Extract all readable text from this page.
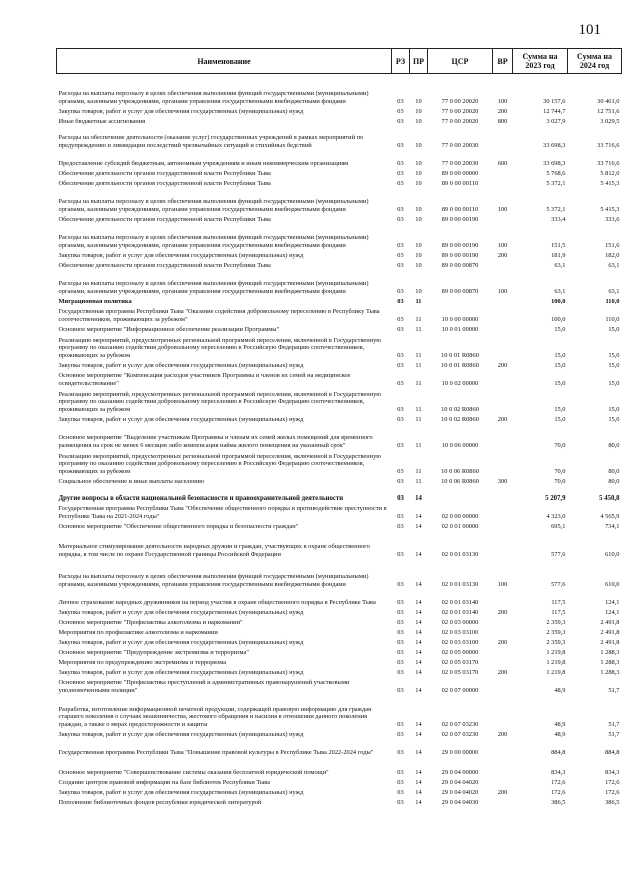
101
Наименование	РЗ	ПР	ЦСР	ВР	Сумма на 2023 год	Сумма на 2024 год
Расходы на выплаты персоналу в целях обеспечения выполнения функций государственными (муниципальными) органами, казенными учреждениями, органами управления государственными внебюджетными фондами	03	10	77 0 00 20020	100	30 157,6	30 461,0
Закупка товаров, работ и услуг для обеспечения государственных (муниципальных) нужд	03	10	77 0 00 20020	200	12 744,7	12 751,6
Иные бюджетные ассигнования	03	10	77 0 00 20020	800	3 027,9	3 029,5
Расходы на обеспечение деятельности (оказание услуг) государственных учреждений в рамках мероприятий по предупреждению и ликвидации последствий чрезвычайных ситуаций и стихийных бедствий	03	10	77 0 00 20030		33 698,3	33 716,6
Предоставление субсидий бюджетным, автономным учреждениям и иным некоммерческим организациям	03	10	77 0 00 20030	600	33 698,3	33 716,6
Обеспечение деятельности органов государственной власти Республики Тыва	03	10	89 0 00 00000		5 768,6	5 812,0
Обеспечение деятельности органов государственной власти Республики Тыва	03	10	89 0 00 00110		5 372,1	5 415,3
Расходы на выплаты персоналу в целях обеспечения выполнения функций государственными (муниципальными) органами, казенными учреждениями, органами управления государственными внебюджетными фондами	03	10	89 0 00 00110	100	5 372,1	5 415,3
Обеспечение деятельности органов государственной власти Республики Тыва	03	10	89 0 00 00190		333,4	333,6
Расходы на выплаты персоналу в целях обеспечения выполнения функций государственными (муниципальными) органами, казенными учреждениями, органами управления государственными внебюджетными фондами	03	10	89 0 00 00190	100	151,5	151,6
Закупка товаров, работ и услуг для обеспечения государственных (муниципальных) нужд	03	10	89 0 00 00190	200	181,9	182,0
Обеспечение деятельности органов государственной власти Республики Тыва	03	10	89 0 00 00870		63,1	63,1
Расходы на выплаты персоналу в целях обеспечения выполнения функций государственными (муниципальными) органами, казенными учреждениями, органами управления государственными внебюджетными фондами	03	10	89 0 00 00870	100	63,1	63,1
Миграционная политика	03	11			100,0	110,0
Государственная программа Республики Тыва "Оказание содействия добровольному переселению в Республику Тыва соотечественников, проживающих за рубежом"	03	11	10 0 00 00000		100,0	110,0
Основное мероприятие "Информационное обеспечение реализации Программы"	03	11	10 0 01 00000		15,0	15,0
Реализацию мероприятий, предусмотренных региональной программой переселения, включенной в Государственную программу по оказанию содействия добровольному переселению в Российскую Федерацию соотечественников, проживающих за рубежом	03	11	10 0 01 R0860		15,0	15,0
Закупка товаров, работ и услуг для обеспечения государственных (муниципальных) нужд	03	11	10 0 01 R0860	200	15,0	15,0
Основное мероприятие "Компенсация расходов участников Программы и членов их семей на медицинское освидетельствование"	03	11	10 0 02 00000		15,0	15,0
Реализацию мероприятий, предусмотренных региональной программой переселения, включенной в Государственную программу по оказанию содействия добровольному переселению в Российскую Федерацию соотечественников, проживающих за рубежом	03	11	10 0 02 R0860		15,0	15,0
Закупка товаров, работ и услуг для обеспечения государственных (муниципальных) нужд	03	11	10 0 02 R0860	200	15,0	15,0
Основное мероприятие "Выделение участникам Программы и членам их семей жилых помещений для временного размещения на срок не менее 6 месяцев либо компенсация найма жилого помещения на указанный срок"	03	11	10 0 06 00000		70,0	80,0
Реализацию мероприятий, предусмотренных региональной программой переселения, включенной в Государственную программу по оказанию содействия добровольному переселению в Российскую Федерацию соотечественников, проживающих за рубежом	03	11	10 0 06 R0860		70,0	80,0
Социальное обеспечение и иные выплаты населению	03	11	10 0 06 R0860	300	70,0	80,0
Другие вопросы в области национальной безопасности и правоохранительной деятельности	03	14			5 207,9	5 450,8
Государственная программа Республики Тыва "Обеспечение общественного порядка и противодействие преступности в Республике Тыва на 2021-2024 годы"	03	14	02 0 00 00000		4 323,0	4 565,9
Основное мероприятие "Обеспечение общественного порядка и безопасности граждан"	03	14	02 0 01 00000		695,1	734,1
Материальное стимулирование деятельности народных дружин и граждан, участвующих в охране общественного порядка, в том числе по охране Государственной границы Российской Федерации	03	14	02 0 01 03130		577,6	610,0
Расходы на выплаты персоналу в целях обеспечения выполнения функций государственными (муниципальными) органами, казенными учреждениями, органами управления государственными внебюджетными фондами	03	14	02 0 01 03130	100	577,6	610,0
Личное страхование народных дружинников на период участия в охране общественного порядка в Республике Тыва	03	14	02 0 01 03140		117,5	124,1
Закупка товаров, работ и услуг для обеспечения государственных (муниципальных) нужд	03	14	02 0 01 03140	200	117,5	124,1
Основное мероприятие "Профилактика алкоголизма и наркомании"	03	14	02 0 03 00000		2 359,3	2 491,8
Мероприятия по профилактике алкоголизма и наркомании	03	14	02 0 03 03100		2 359,3	2 491,8
Закупка товаров, работ и услуг для обеспечения государственных (муниципальных) нужд	03	14	02 0 03 03100	200	2 359,3	2 491,8
Основное мероприятие "Предупреждение экстремизма и терроризма"	03	14	02 0 05 00000		1 219,8	1 288,3
Мероприятия по предупреждению экстремизма и терроризма	03	14	02 0 05 03170		1 219,8	1 288,3
Закупка товаров, работ и услуг для обеспечения государственных (муниципальных) нужд	03	14	02 0 05 03170	200	1 219,8	1 288,3
Основное мероприятие "Профилактика преступлений и административных правонарушений участковыми уполномоченными полиции"	03	14	02 0 07 00000		48,9	51,7
Разработка, изготовление информационной печатной продукции, содержащей правовую информацию для граждан старшего поколения о случаях мошенничества, жестокого обращения и насилия в отношении данного поколения граждан, а также о мерах предосторожности и защиты	03	14	02 0 07 03230		48,9	51,7
Закупка товаров, работ и услуг для обеспечения государственных (муниципальных) нужд	03	14	02 0 07 03230	200	48,9	51,7
Государственная программа Республики Тыва "Повышение правовой культуры в Республике Тыва 2022-2024 годы"	03	14	29 0 00 00000		884,8	884,8
Основное мероприятие "Совершенствование системы оказания бесплатной юридической помощи"	03	14	29 0 04 00000		834,3	834,3
Создание центров правовой информации на базе библиотек Республики Тыва	03	14	29 0 04 04020		172,6	172,6
Закупка товаров, работ и услуг для обеспечения государственных (муниципальных) нужд	03	14	29 0 04 04020	200	172,6	172,6
Пополнение библиотечных фондов республики юридической литературой	03	14	29 0 04 04030		386,5	386,5
